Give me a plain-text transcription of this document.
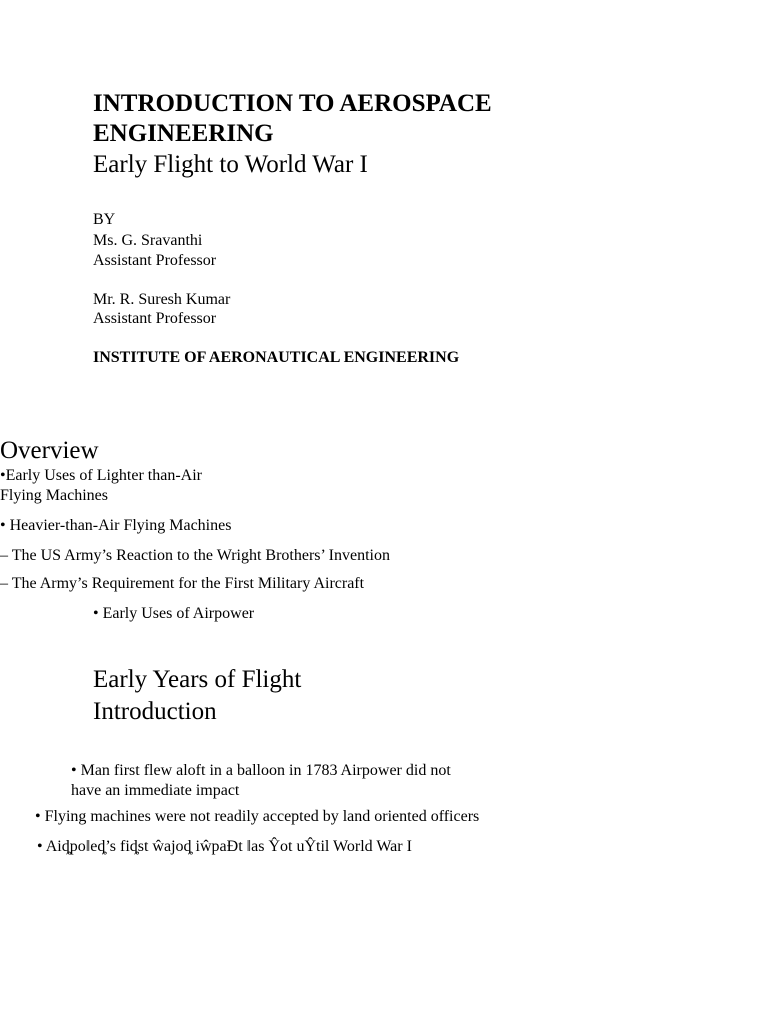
INTRODUCTION TO AEROSPACE ENGINEERING
Early Flight to World War I
BY
Ms. G. Sravanthi
Assistant Professor
Mr. R. Suresh Kumar
Assistant Professor
INSTITUTE OF AERONAUTICAL ENGINEERING
Overview
•Early Uses of Lighter than-Air
Flying Machines
• Heavier-than-Air Flying Machines
– The US Army’s Reaction to the Wright Brothers’ Invention
– The Army’s Requirement for the First Military Aircraft
• Early Uses of Airpower
Early Years of Flight
Introduction
• Man first flew aloft in a balloon in 1783 Airpower did not
have an immediate impact
• Flying machines were not readily accepted by land oriented officers
• Aiȡpoǁeȡ’s fiȡst ŵajoȡ iŵpaĐt ǁas Ŷot uŶtil World War I
